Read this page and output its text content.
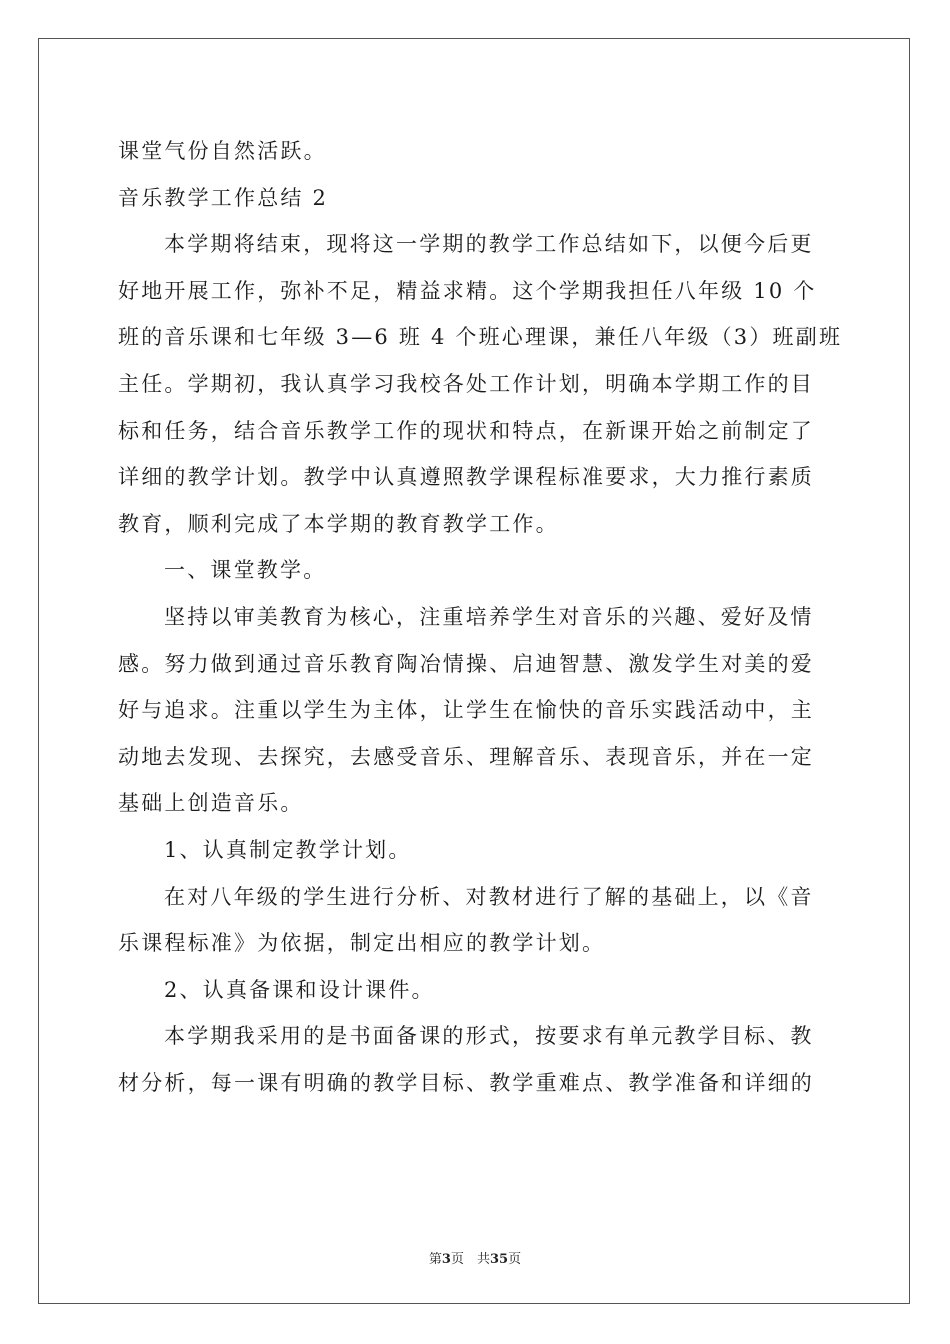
课堂气份自然活跃。
音乐教学工作总结 2
本学期将结束，现将这一学期的教学工作总结如下，以便今后更
好地开展工作，弥补不足，精益求精。这个学期我担任八年级 10 个
班的音乐课和七年级 3—6 班 4 个班心理课，兼任八年级（3）班副班
主任。学期初，我认真学习我校各处工作计划，明确本学期工作的目
标和任务，结合音乐教学工作的现状和特点，在新课开始之前制定了
详细的教学计划。教学中认真遵照教学课程标准要求，大力推行素质
教育，顺利完成了本学期的教育教学工作。
一、课堂教学。
坚持以审美教育为核心，注重培养学生对音乐的兴趣、爱好及情
感。努力做到通过音乐教育陶冶情操、启迪智慧、激发学生对美的爱
好与追求。注重以学生为主体，让学生在愉快的音乐实践活动中，主
动地去发现、去探究，去感受音乐、理解音乐、表现音乐，并在一定
基础上创造音乐。
1、认真制定教学计划。
在对八年级的学生进行分析、对教材进行了解的基础上，以《音
乐课程标准》为依据，制定出相应的教学计划。
2、认真备课和设计课件。
本学期我采用的是书面备课的形式，按要求有单元教学目标、教
材分析，每一课有明确的教学目标、教学重难点、教学准备和详细的
第3页　共35页
